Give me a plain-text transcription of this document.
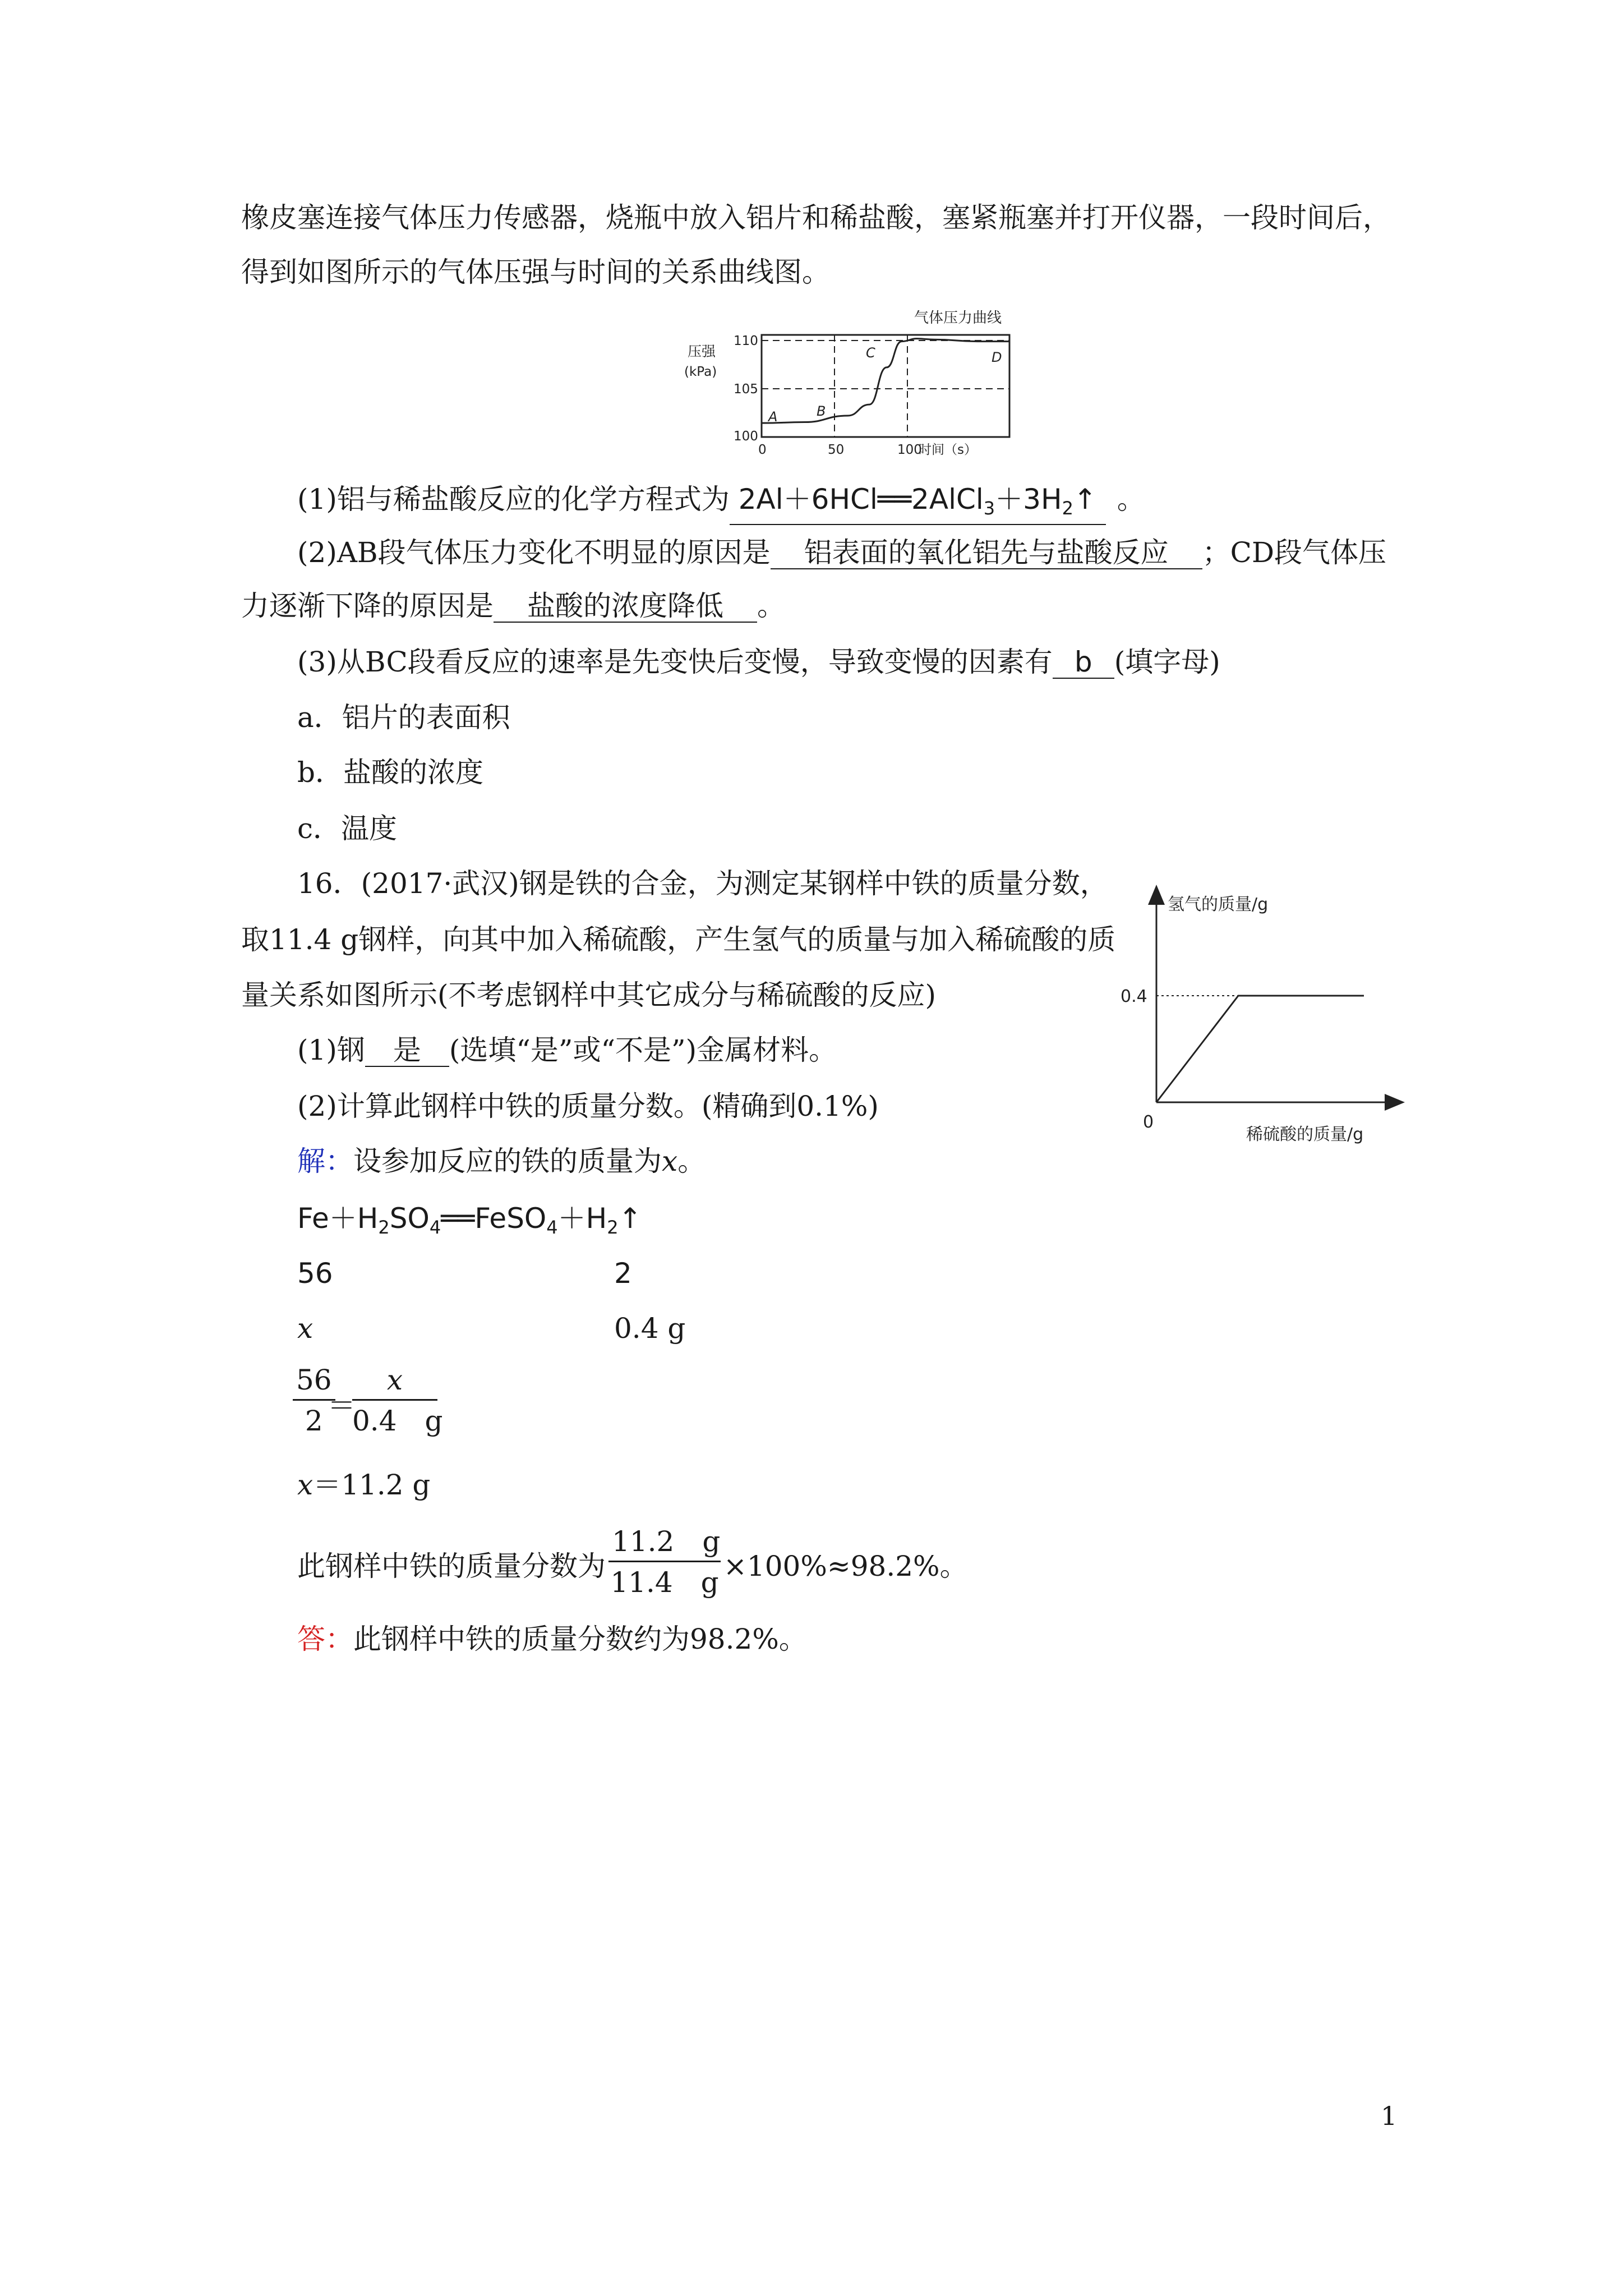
橡皮塞连接气体压力传感器，烧瓶中放入铝片和稀盐酸，塞紧瓶塞并打开仪器，一段时间后，
得到如图所示的气体压强与时间的关系曲线图。
气体压力曲线
压强
(kPa)
110
105
100
0	50	100
时间（s）
A	B
C	D
(1)铝与稀盐酸反应的化学方程式为 $2Al+6HCl══2AlCl_3+3H_2↑$ 。
(2)AB段气体压力变化不明显的原因是 铝表面的氧化铝先与盐酸反应 ；CD段气体压
力逐渐下降的原因是 盐酸的浓度降低 。
(3)从BC段看反应的速率是先变快后变慢，导致变慢的因素有 b (填字母)
a．铝片的表面积
b．盐酸的浓度
c．温度
16．(2017·武汉)钢是铁的合金，为测定某钢样中铁的质量分数，
取11.4 g钢样，向其中加入稀硫酸，产生氢气的质量与加入稀硫酸的质
量关系如图所示(不考虑钢样中其它成分与稀硫酸的反应)
(1)钢 是 (选填“是”或“不是”)金属材料。
(2)计算此钢样中铁的质量分数。(精确到0.1%)
氢气的质量/g
0.4
0
稀硫酸的质量/g
解：设参加反应的铁的质量为x。
$Fe+H_2SO_4══FeSO_4+H_2↑$
56	2
x	0.4 g
$\frac{56}{2}$
＝
$\frac{x}{0.4 g}$
x＝11.2 g
此钢样中铁的质量分数为 $\frac{11.2 g}{11.4 g} \times 100\%\approx 98.2\%$。
答：此钢样中铁的质量分数约为98.2%。
1
